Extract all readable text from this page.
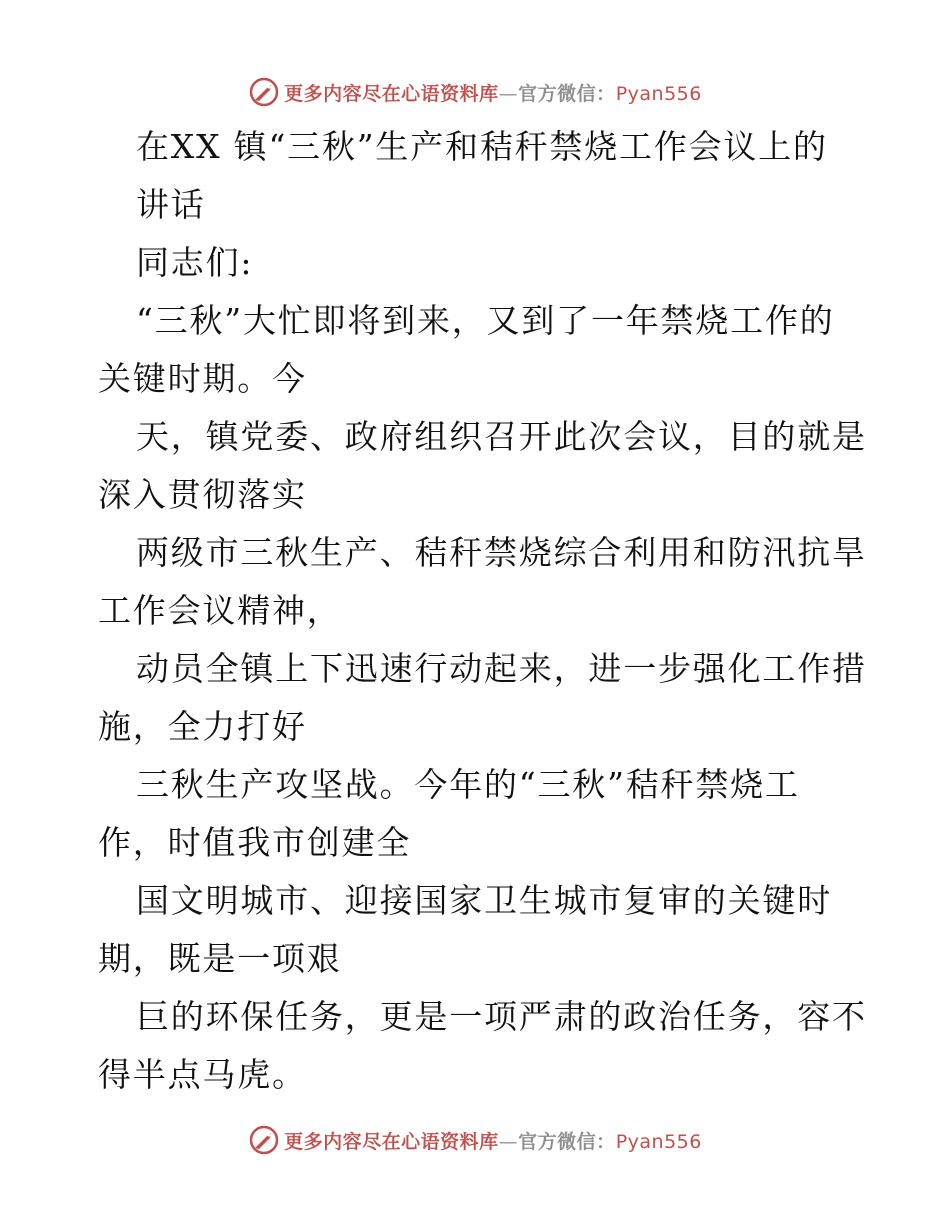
更多内容尽在心语资料库—官方微信：Pyan556
在XX 镇“三秋”生产和秸秆禁烧工作会议上的
讲话
同志们:
“三秋”大忙即将到来，又到了一年禁烧工作的
关键时期。今
天，镇党委、政府组织召开此次会议，目的就是
深入贯彻落实
两级市三秋生产、秸秆禁烧综合利用和防汛抗旱
工作会议精神，
动员全镇上下迅速行动起来，进一步强化工作措
施，全力打好
三秋生产攻坚战。今年的“三秋”秸秆禁烧工
作，时值我市创建全
国文明城市、迎接国家卫生城市复审的关键时
期，既是一项艰
巨的环保任务，更是一项严肃的政治任务，容不
得半点马虎。
更多内容尽在心语资料库—官方微信：Pyan556
